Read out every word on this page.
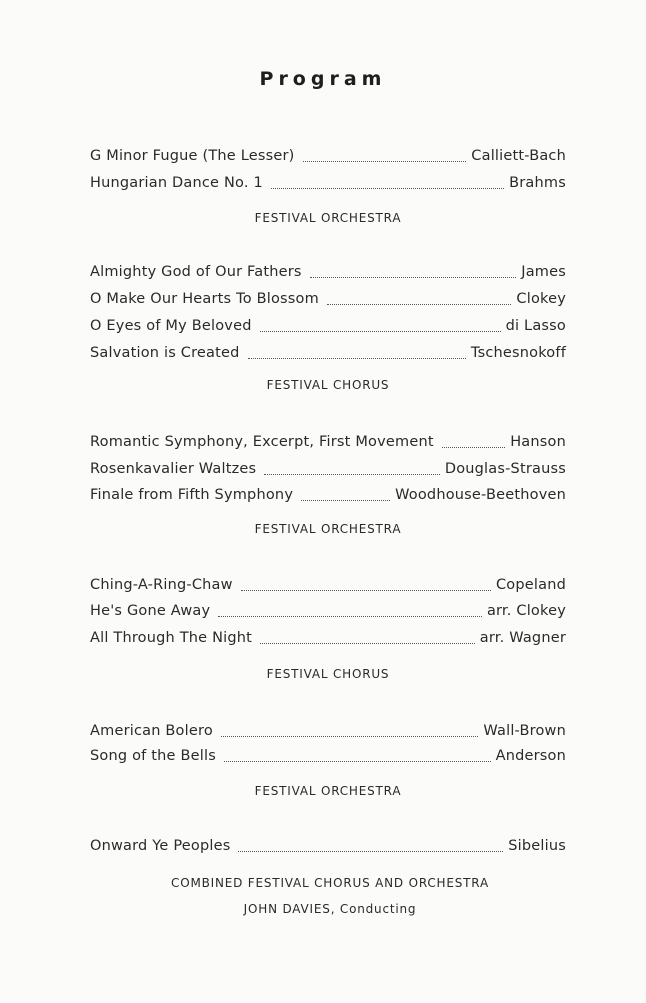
Program
G Minor Fugue (The Lesser)	Calliett-Bach
Hungarian Dance No. 1	Brahms
FESTIVAL ORCHESTRA
Almighty God of Our Fathers	James
O Make Our Hearts To Blossom	Clokey
O Eyes of My Beloved	di Lasso
Salvation is Created	Tschesnokoff
FESTIVAL CHORUS
Romantic Symphony, Excerpt, First Movement	Hanson
Rosenkavalier Waltzes	Douglas-Strauss
Finale from Fifth Symphony	Woodhouse-Beethoven
FESTIVAL ORCHESTRA
Ching-A-Ring-Chaw	Copeland
He's Gone Away	arr. Clokey
All Through The Night	arr. Wagner
FESTIVAL CHORUS
American Bolero	Wall-Brown
Song of the Bells	Anderson
FESTIVAL ORCHESTRA
Onward Ye Peoples	Sibelius
COMBINED FESTIVAL CHORUS AND ORCHESTRA
JOHN DAVIES, Conducting
